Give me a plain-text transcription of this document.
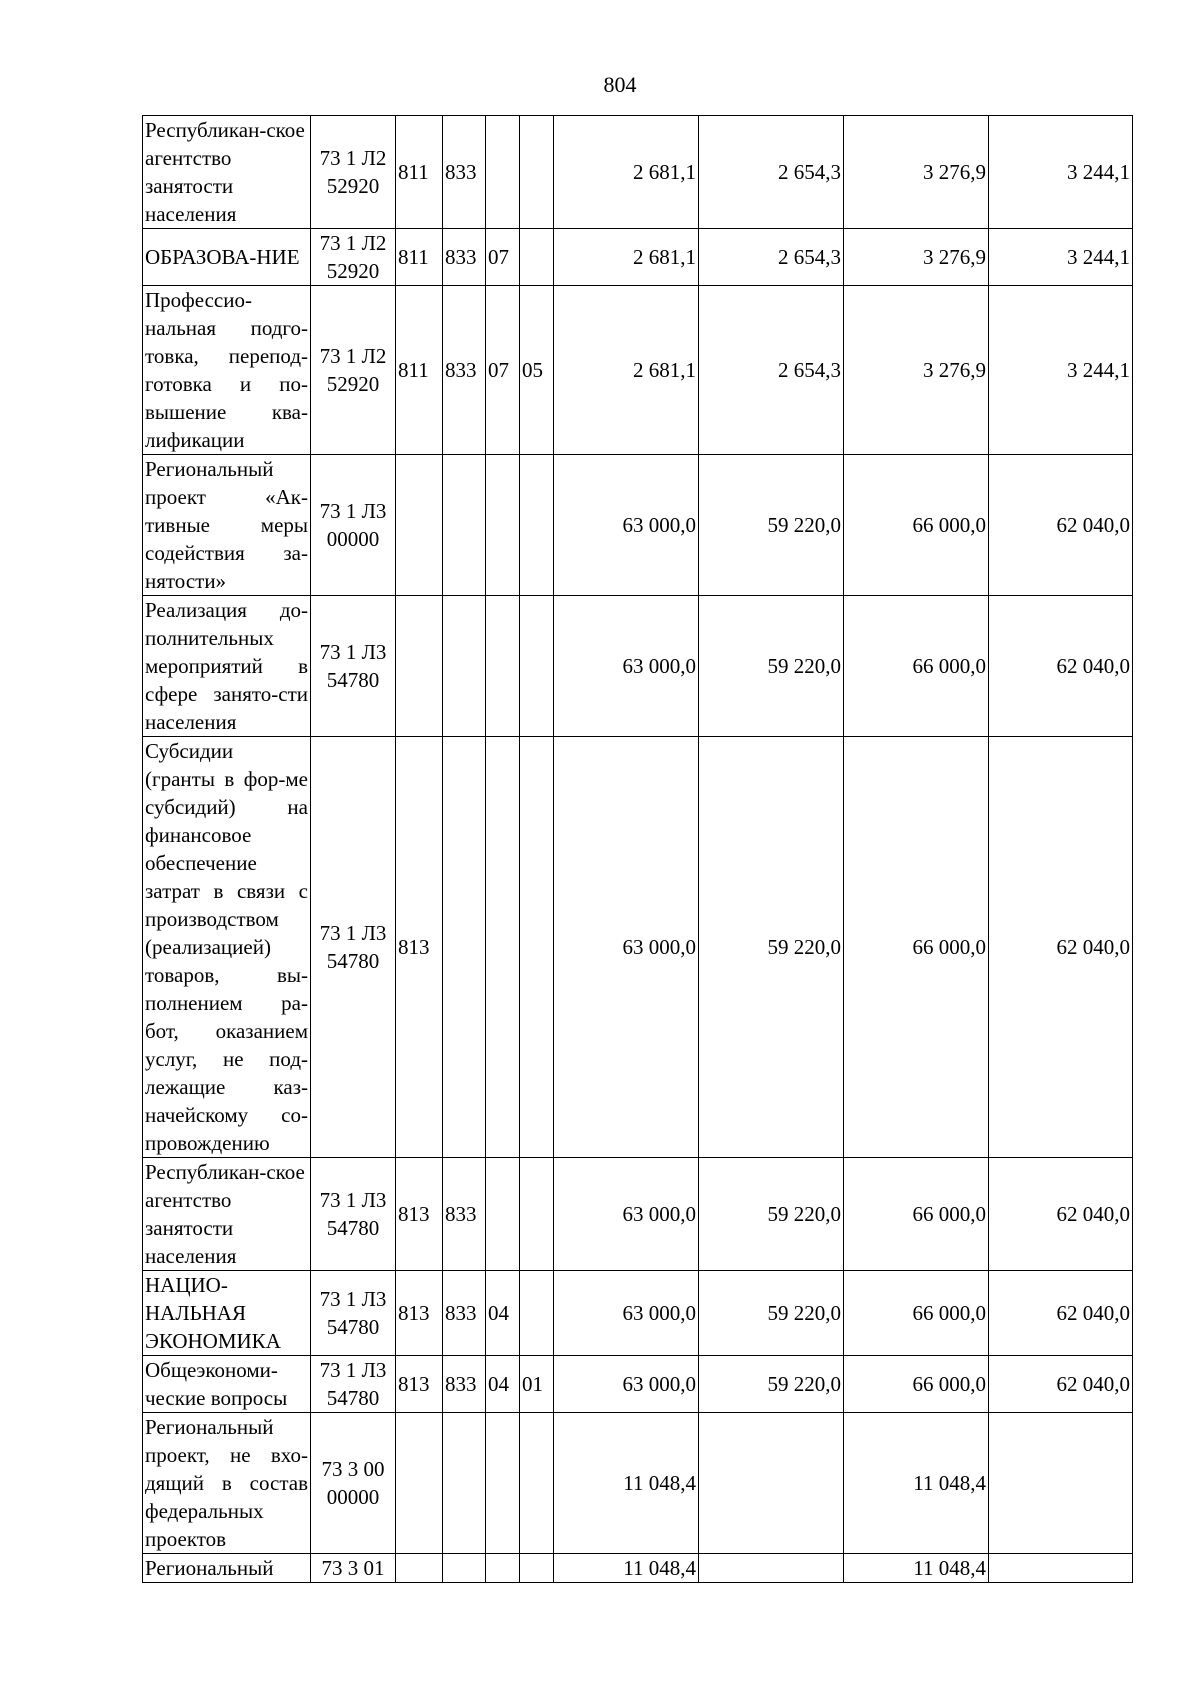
804
Республикан-ское агентство занятости населения	73 1 Л2 52920	811	833			2 681,1	2 654,3	3 276,9	3 244,1
ОБРАЗОВА-НИЕ	73 1 Л2 52920	811	833	07		2 681,1	2 654,3	3 276,9	3 244,1
Профессио-нальная подго-товка, перепод-готовка и по-вышение ква-лификации	73 1 Л2 52920	811	833	07	05	2 681,1	2 654,3	3 276,9	3 244,1
Региональный проект «Ак-тивные меры содействия за-нятости»	73 1 Л3 00000					63 000,0	59 220,0	66 000,0	62 040,0
Реализация до-полнительных мероприятий в сфере занято-сти населения	73 1 Л3 54780					63 000,0	59 220,0	66 000,0	62 040,0
Субсидии (гранты в фор-ме субсидий) на финансовое обеспечение затрат в связи с производством (реализацией) товаров, вы-полнением ра-бот, оказанием услуг, не под-лежащие каз-начейскому со-провождению	73 1 Л3 54780	813				63 000,0	59 220,0	66 000,0	62 040,0
Республикан-ское агентство занятости населения	73 1 Л3 54780	813	833			63 000,0	59 220,0	66 000,0	62 040,0
НАЦИО-НАЛЬНАЯ ЭКОНОМИКА	73 1 Л3 54780	813	833	04		63 000,0	59 220,0	66 000,0	62 040,0
Общеэкономи-ческие вопросы	73 1 Л3 54780	813	833	04	01	63 000,0	59 220,0	66 000,0	62 040,0
Региональный проект, не вхо-дящий в состав федеральных проектов	73 3 00 00000					11 048,4		11 048,4	
Региональный	73 3 01					11 048,4		11 048,4	
